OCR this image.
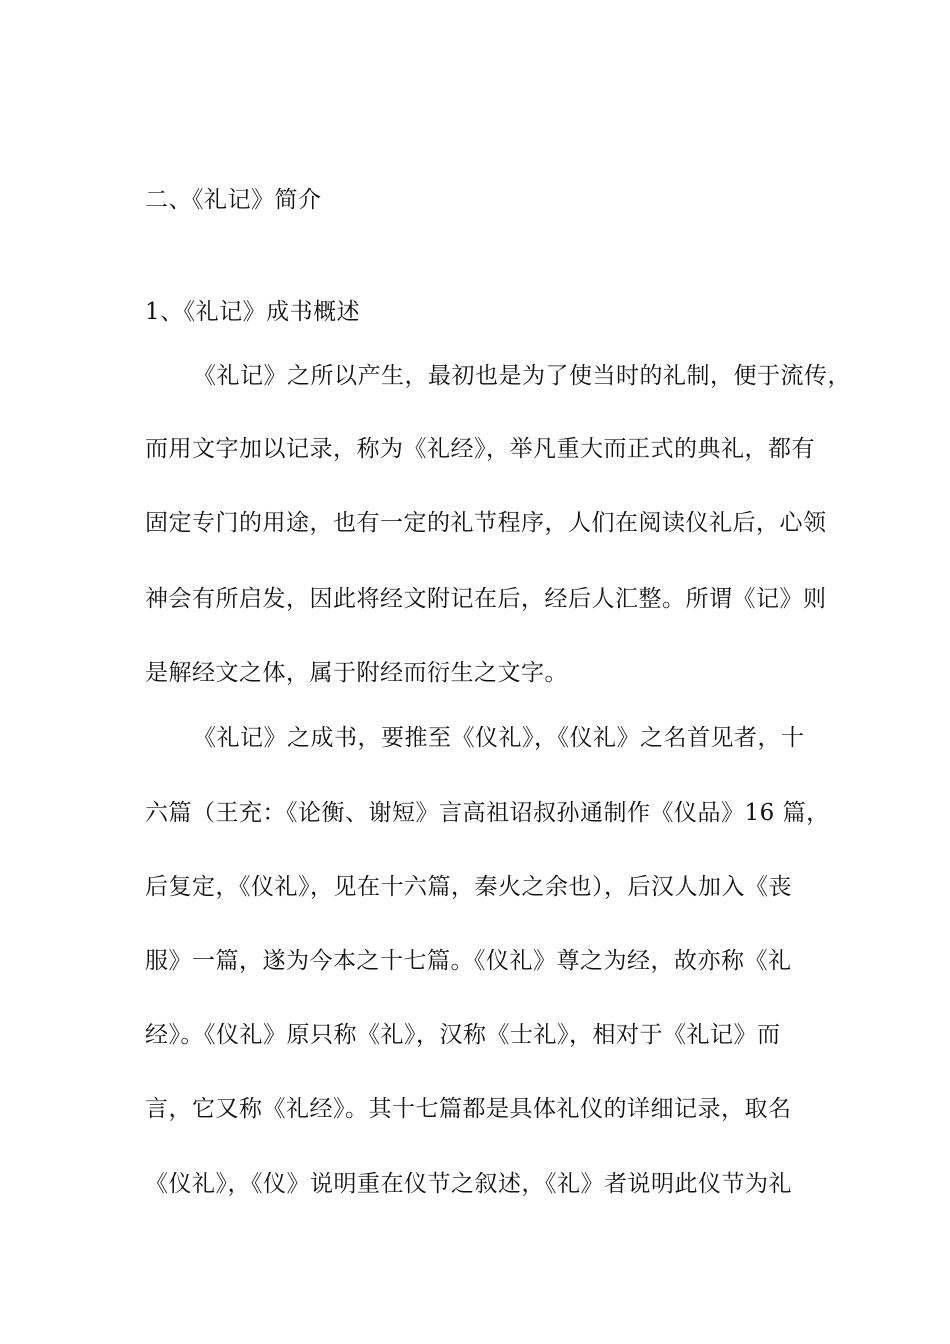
二、《礼记》简介
1、《礼记》成书概述
《礼记》之所以产生，最初也是为了使当时的礼制，便于流传，
而用文字加以记录，称为《礼经》，举凡重大而正式的典礼，都有
固定专门的用途，也有一定的礼节程序，人们在阅读仪礼后，心领
神会有所启发，因此将经文附记在后，经后人汇整。所谓《记》则
是解经文之体，属于附经而衍生之文字。
《礼记》之成书，要推至《仪礼》，《仪礼》之名首见者，十
六篇（王充：《论衡、谢短》言高祖诏叔孙通制作《仪品》16 篇，
后复定，《仪礼》，见在十六篇，秦火之余也），后汉人加入《丧
服》一篇，遂为今本之十七篇。《仪礼》尊之为经，故亦称《礼
经》。《仪礼》原只称《礼》，汉称《士礼》，相对于《礼记》而
言，它又称《礼经》。其十七篇都是具体礼仪的详细记录，取名
《仪礼》，《仪》说明重在仪节之叙述，《礼》者说明此仪节为礼
